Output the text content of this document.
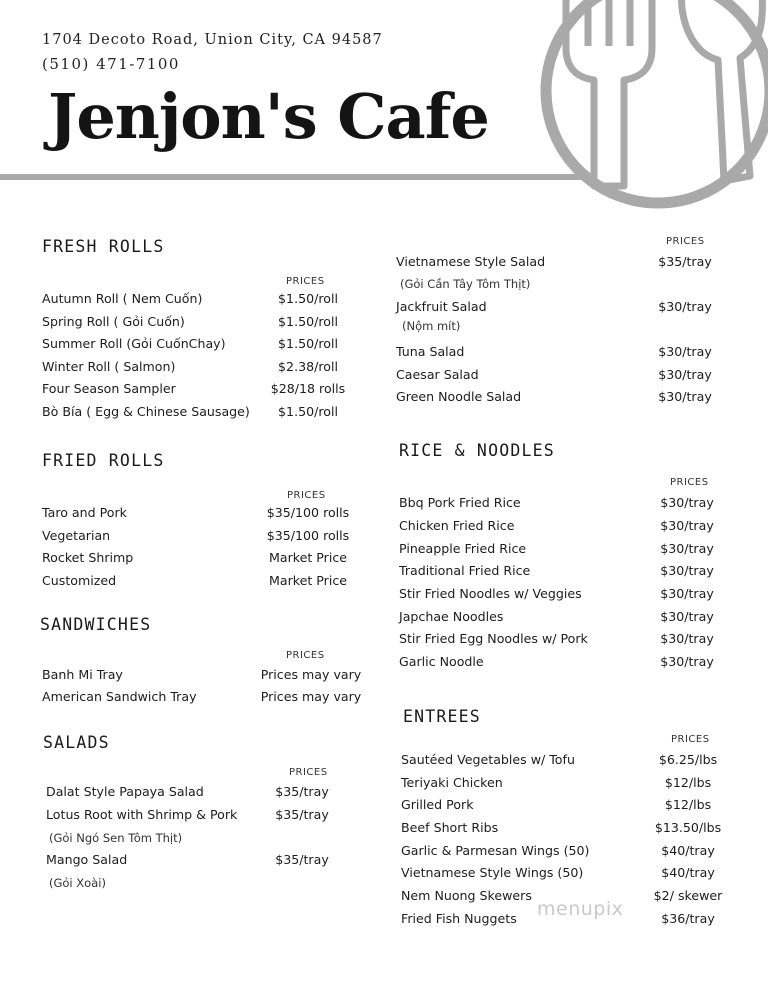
1704 Decoto Road, Union City, CA 94587
(510) 471-7100
Jenjon's Cafe
FRESH ROLLS
PRICES
Autumn Roll ( Nem Cuốn)	$1.50/roll
Spring Roll ( Gỏi Cuốn)	$1.50/roll
Summer Roll (Gỏi CuốnChay)	$1.50/roll
Winter Roll ( Salmon)	$2.38/roll
Four Season Sampler	$28/18 rolls
Bò Bía ( Egg & Chinese Sausage)	$1.50/roll
FRIED ROLLS
PRICES
Taro and Pork	$35/100 rolls
Vegetarian	$35/100 rolls
Rocket Shrimp	Market Price
Customized	Market Price
SANDWICHES
PRICES
Banh Mi Tray	Prices may vary
American Sandwich Tray	Prices may vary
SALADS
PRICES
Dalat Style Papaya Salad	$35/tray
Lotus Root with Shrimp & Pork	$35/tray
(Gỏi Ngó Sen Tôm Thịt)
Mango Salad	$35/tray
(Gỏi Xoài)
PRICES
Vietnamese Style Salad	$35/tray
(Gỏi Cần Tây Tôm Thịt)
Jackfruit Salad	$30/tray
(Nộm mít)
Tuna Salad	$30/tray
Caesar Salad	$30/tray
Green Noodle Salad	$30/tray
RICE & NOODLES
PRICES
Bbq Pork Fried Rice	$30/tray
Chicken Fried Rice	$30/tray
Pineapple Fried Rice	$30/tray
Traditional Fried Rice	$30/tray
Stir Fried Noodles w/ Veggies	$30/tray
Japchae Noodles	$30/tray
Stir Fried Egg Noodles w/ Pork	$30/tray
Garlic Noodle	$30/tray
ENTREES
PRICES
Sautéed Vegetables w/ Tofu	$6.25/lbs
Teriyaki Chicken	$12/lbs
Grilled Pork	$12/lbs
Beef Short Ribs	$13.50/lbs
Garlic & Parmesan Wings (50)	$40/tray
Vietnamese Style Wings (50)	$40/tray
Nem Nuong Skewers	$2/ skewer
Fried Fish Nuggets	$36/tray
menupix
